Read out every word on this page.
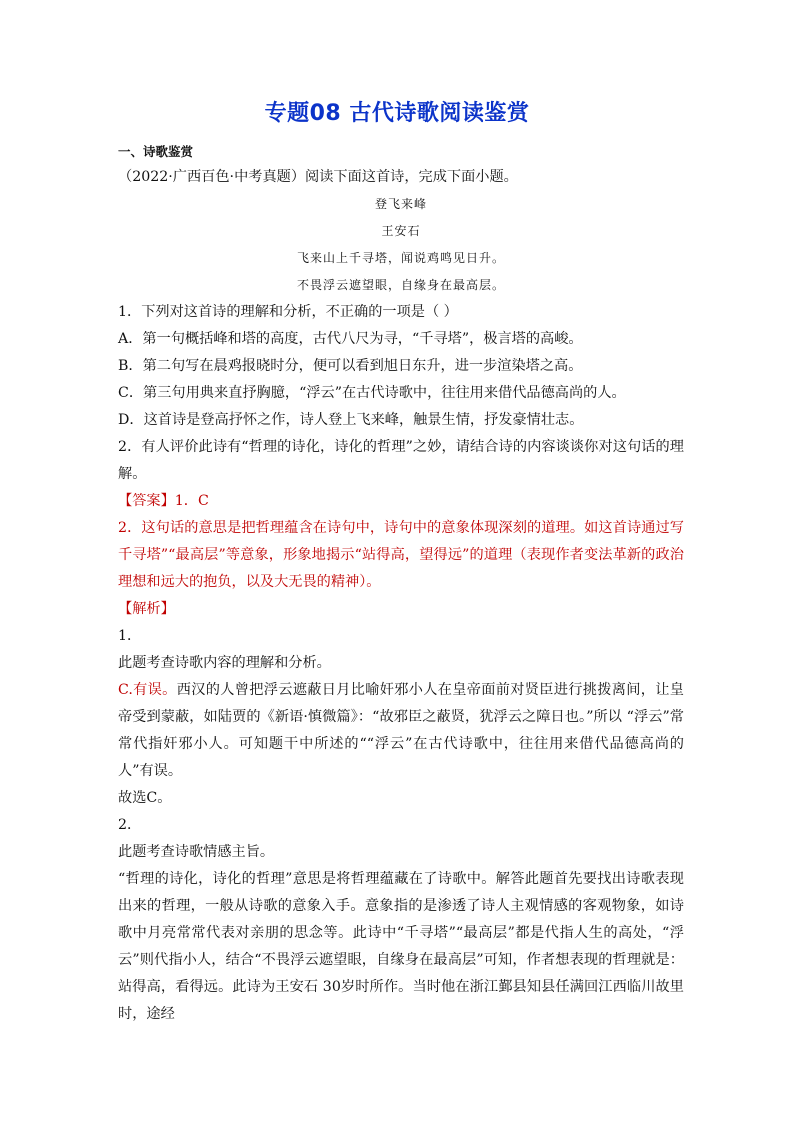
专题08 古代诗歌阅读鉴赏
一、诗歌鉴赏
（2022·广西百色·中考真题）阅读下面这首诗，完成下面小题。
登飞来峰
王安石
飞来山上千寻塔，闻说鸡鸣见日升。
不畏浮云遮望眼，自缘身在最高层。
1．下列对这首诗的理解和分析，不正确的一项是（ ）
A．第一句概括峰和塔的高度，古代八尺为寻，“千寻塔”，极言塔的高峻。
B．第二句写在晨鸡报晓时分，便可以看到旭日东升，进一步渲染塔之高。
C．第三句用典来直抒胸臆，“浮云”在古代诗歌中，往往用来借代品德高尚的人。
D．这首诗是登高抒怀之作，诗人登上飞来峰，触景生情，抒发豪情壮志。
2．有人评价此诗有“哲理的诗化，诗化的哲理”之妙，请结合诗的内容谈谈你对这句话的理解。
【答案】1．C
2．这句话的意思是把哲理蕴含在诗句中，诗句中的意象体现深刻的道理。如这首诗通过写千寻塔”“最高层”等意象，形象地揭示“站得高，望得远”的道理（表现作者变法革新的政治理想和远大的抱负，以及大无畏的精神）。
【解析】
1．
此题考查诗歌内容的理解和分析。
C.有误。西汉的人曾把浮云遮蔽日月比喻奸邪小人在皇帝面前对贤臣进行挑拨离间，让皇帝受到蒙蔽，如陆贾的《新语·慎微篇》：“故邪臣之蔽贤，犹浮云之障日也。”所以 “浮云”常常代指奸邪小人。可知题干中所述的““浮云”在古代诗歌中，往往用来借代品德高尚的人”有误。
故选C。
2．
此题考查诗歌情感主旨。
“哲理的诗化，诗化的哲理”意思是将哲理蕴藏在了诗歌中。解答此题首先要找出诗歌表现出来的哲理，一般从诗歌的意象入手。意象指的是渗透了诗人主观情感的客观物象，如诗歌中月亮常常代表对亲朋的思念等。此诗中“千寻塔”“最高层”都是代指人生的高处，“浮云”则代指小人，结合“不畏浮云遮望眼，自缘身在最高层”可知，作者想表现的哲理就是：站得高，看得远。此诗为王安石 30岁时所作。当时他在浙江鄞县知县任满回江西临川故里时，途经
